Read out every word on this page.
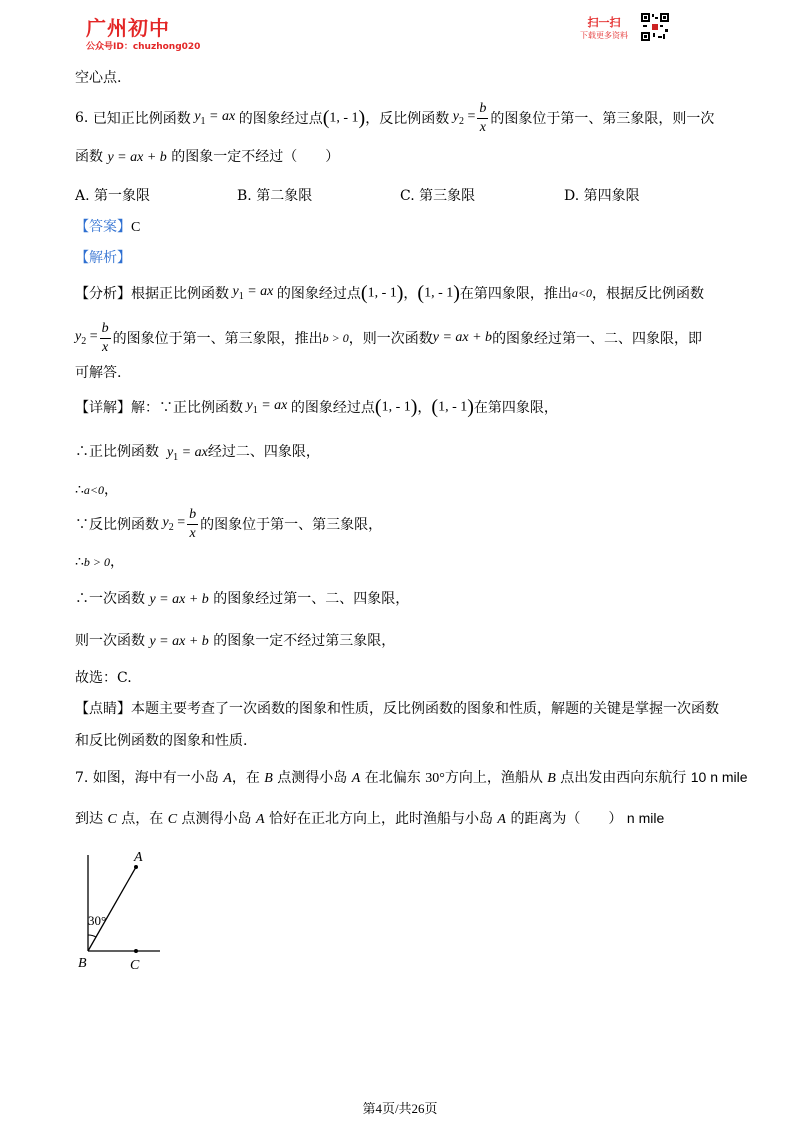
广州初中
公众号ID：chuzhong020
扫一扫
下载更多资料
空心点.
6.
已知正比例函数 $y_1$ = ax 的图象经过点 (1, - 1) ，反比例函数 $y_2 = \frac{b}{x}$ 的图象位于第一、第三象限，则一次
函数 y = ax + b 的图象一定不经过（　　）
A. 第一象限	B. 第二象限	C. 第三象限	D. 第四象限
【答案】C
【解析】
【分析】 根据正比例函数 $y_1$ = ax 的图象经过点 (1, - 1) ， (1, - 1) 在第四象限，推出 a<0 ，根据反比例函数
$y_2 = \frac{b}{x}$ 的图象位于第一、第三象限，推出 b > 0 ，则一次函数 y = ax + b 的图象经过第一、二、四象限，即
可解答.
【详解】 解：∵正比例函数 $y_1$ = ax 的图象经过点 (1, - 1) ， (1, - 1) 在第四象限，
∴正比例函数 $y_1$ = ax经过二、四象限，
∴a<0，
∵反比例函数 $y_2 = \frac{b}{x}$ 的图象位于第一、第三象限，
∴b > 0，
∴一次函数 y = ax + b 的图象经过第一、二、四象限，
则一次函数 y = ax + b 的图象一定不经过第三象限，
故选：C.
【点睛】本题主要考查了一次函数的图象和性质，反比例函数的图象和性质，解题的关键是掌握一次函数
和反比例函数的图象和性质.
7. 如图，海中有一小岛 A，在 B 点测得小岛 A 在北偏东 30°方向上，渔船从 B 点出发由西向东航行 10 n mile
到达 C 点，在 C 点测得小岛 A 恰好在正北方向上，此时渔船与小岛 A 的距离为（　　） n mile
A
B	C
30°
第4页/共26页
